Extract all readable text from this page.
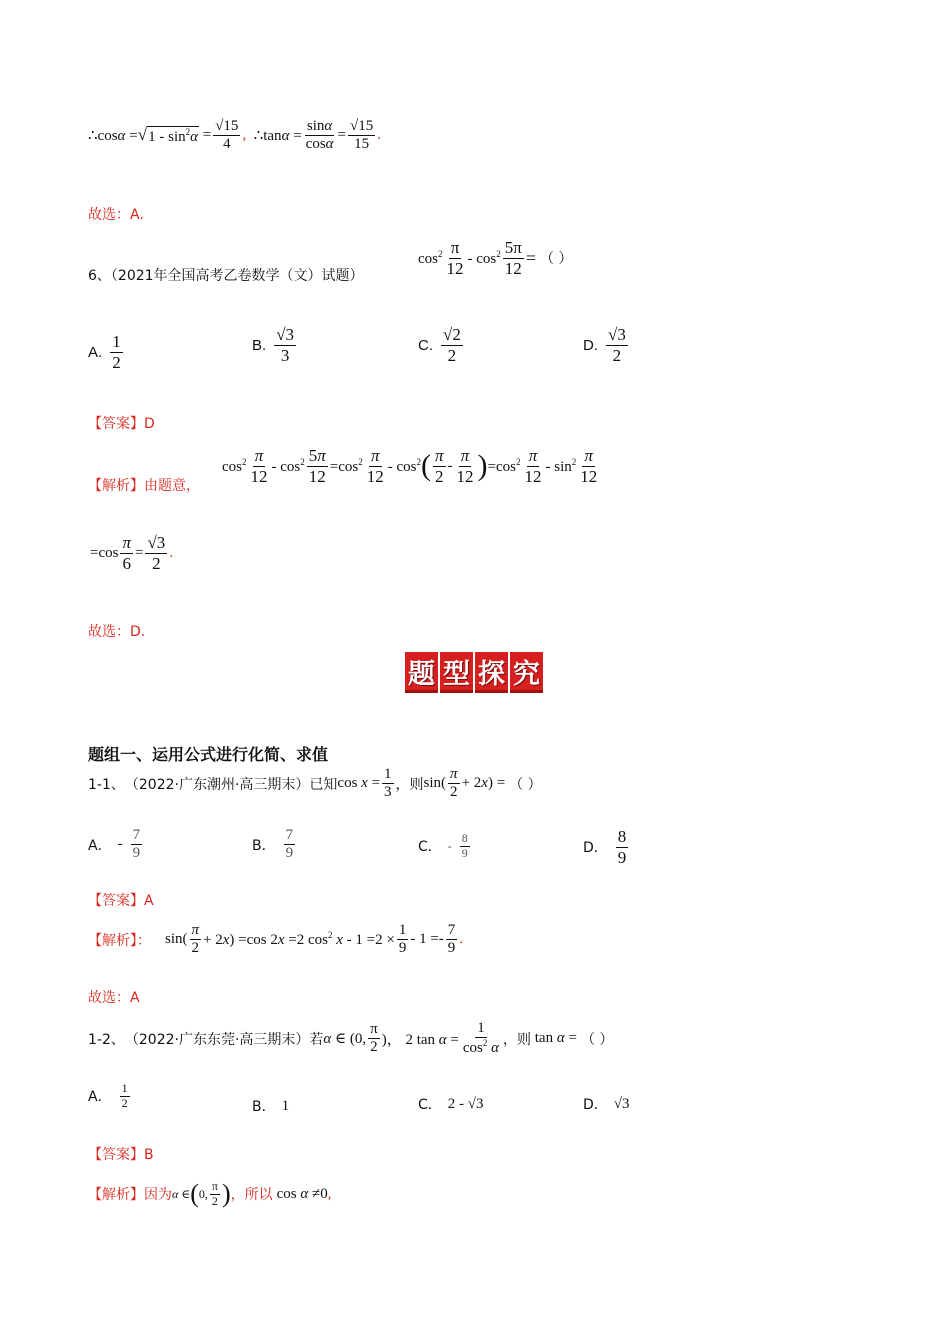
∴cosα = √ $1 - \sin^2\alpha = \frac{√15}{4}$ , ∴tanα = $\frac{\sin\alpha}{\cos\alpha} = \frac{√15}{15}$ .
故选：A.
6、（2021年全国高考乙卷数学（文）试题）
$\cos^2 \frac{\pi}{12} - \cos^2 \frac{5\pi}{12}$ = （ ）
A. $\frac{1}{2}$	B. $\frac{√3}{3}$	C. $\frac{√2}{2}$	D. $\frac{√3}{2}$
【答案】D
【解析】由题意，
$\cos^2 \frac{\pi}{12} - \cos^2 \frac{5\pi}{12} =\cos^2 \frac{\pi}{12} - \cos^2$ ( $\frac{\pi}{2} - \frac{\pi}{12}$ ) $=\cos^2 \frac{\pi}{12} - \sin^2 \frac{\pi}{12}$
$=\cos \frac{\pi}{6} = \frac{√3}{2}$ .
故选：D.
题 型 探 究
题组一、运用公式进行化简、求值
1-1、 （2022·广东潮州·高三期末）已知 $\cos x = \frac{1}{3}$ ，则 $\sin( \frac{\pi}{2} + 2x)$ = （ ）
A． - $\frac{7}{9}$	B． $\frac{7}{9}$	C． - $\frac{8}{9}$	D． $\frac{8}{9}$
【答案】A
【解析】： $\sin( \frac{\pi}{2} + 2x) =\cos$ 2x =2 $\cos^2 x - 1 =2 \times \frac{1}{9} - 1 =- \frac{7}{9}$ .
故选：A
1-2、 （2022·广东东莞·高三期末）若 α ∈ (0, $\frac{\pi}{2}$ )， 2 $\tan \alpha = \frac{1}{\cos^2 \alpha}$ ，则 tan α = （ ）
A． $\frac{1}{2}$	B． 1	C． 2 - √3	D． √3
【答案】B
【解析】因为 α ∈ ( 0, $\frac{\pi}{2}$ ) ，所以 cos α ≠0 ,
